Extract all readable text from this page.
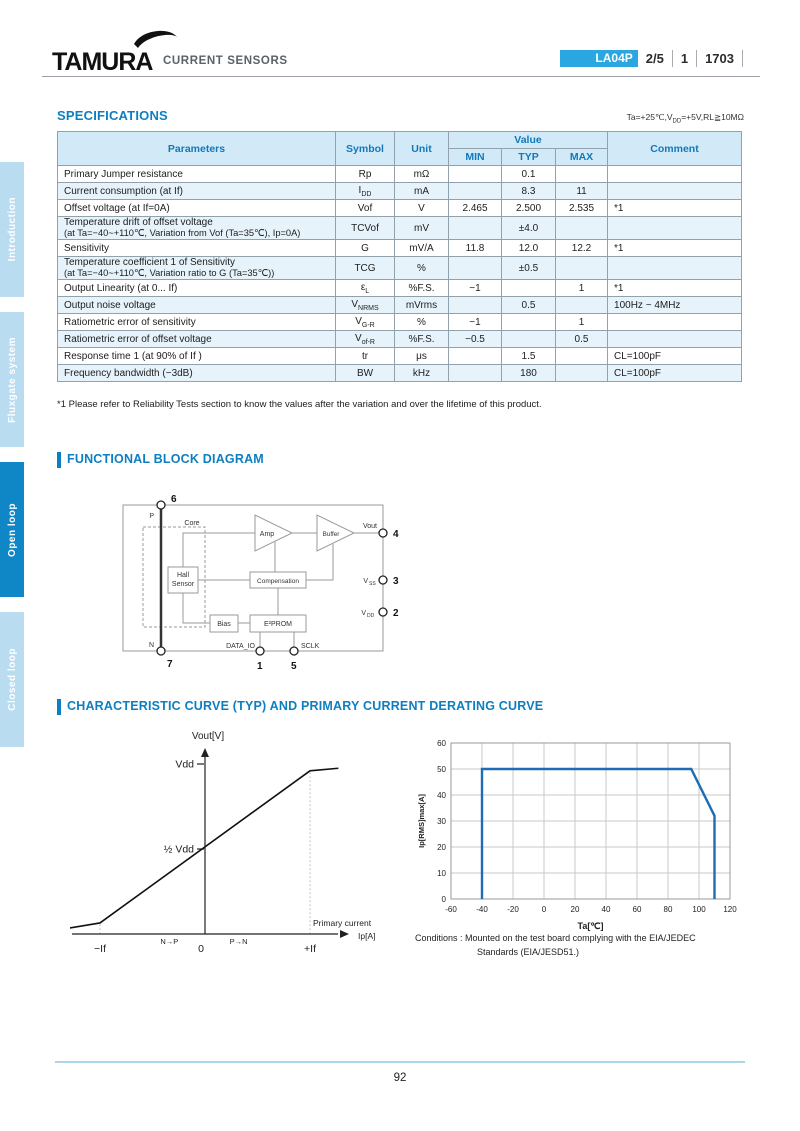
Introduction
Fluxgate system
Open loop
Closed loop
TAMURA CURRENT SENSORS	LA04P	2/5 1 1703
SPECIFICATIONS	$Ta=+25℃,V_{DD}=+5V,RL≧10M\Omega$
Parameters	Symbol	Unit	Value			Comment
			MIN	TYP	MAX	

Primary Jumper resistance	Rp	mΩ		0.1		

Current consumption (at If)	$I_{DD}$	mA		8.3	11	

Offset voltage (at If=0A)	Vof	V	2.465	2.500	2.535	*1

Temperature drift of offset voltage
(at Ta=−40~+110℃, Variation from Vof (Ta=35℃), Ip=0A)	TCVof	mV		±4.0		

Sensitivity	G	mV/A	11.8	12.0	12.2	*1

Temperature coefficient 1 of Sensitivity
(at Ta=−40~+110℃, Variation ratio to G (Ta=35℃))	TCG	%		±0.5		

Output Linearity (at 0... If)	$\varepsilon_L$	%F.S.	−1		1	*1

Output noise voltage	$V_{NRMS}$	mVrms		0.5		100Hz ~ 4MHz

Ratiometric error of sensitivity	$V_{G-R}$	%	−1		1	

Ratiometric error of offset voltage	$V_{of-R}$	%F.S.	−0.5		0.5	

Response time 1 (at 90% of If )	tr	μs		1.5		CL=100pF

Frequency bandwidth (−3dB)	BW	kHz		180		CL=100pF
*1 Please refer to Reliability Tests section to know the values after the variation and over the lifetime of this product.
FUNCTIONAL BLOCK DIAGRAM
Core
Hall
Sensor
Amp	Buffer
Compensation
Bias	E²PROM
P
N
Vout
V SS
V DD
DATA_IO	SCLK
6
7
4
3
2
1	5
CHARACTERISTIC CURVE (TYP) AND PRIMARY CURRENT DERATING CURVE
Vout[V]
Primary current
Ip[A]
Vdd
½ Vdd
−If	0	+If
N→P	P→N
-60 -40 -20	0	20	40	60	80 100 120
0
10
20
30
40
50
60
Ta[℃]
Ip[RMS]max[A]
Conditions : Mounted on the test board complying with the EIA/JEDEC
Standards (EIA/JESD51.)
92
